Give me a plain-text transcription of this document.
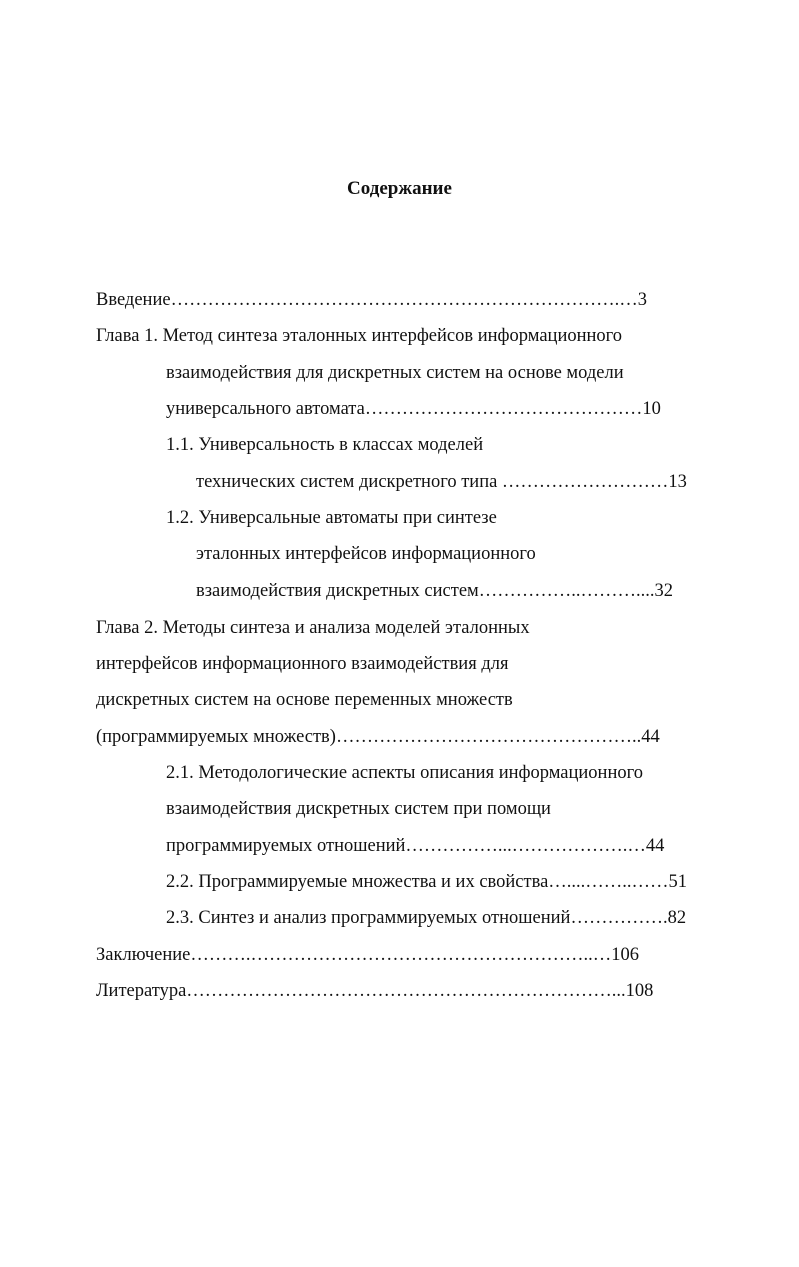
Содержание
Введение……………………………………………………………….…3
Глава 1. Метод синтеза эталонных интерфейсов информационного
взаимодействия для дискретных систем на основе модели
универсального автомата………………………………………10
1.1. Универсальность в классах моделей
технических систем дискретного типа ………………………13
1.2. Универсальные автоматы при синтезе
эталонных интерфейсов информационного
взаимодействия дискретных систем……………..………....32
Глава 2. Методы синтеза и анализа моделей эталонных
интерфейсов информационного взаимодействия для
дискретных систем на основе переменных множеств
(программируемых множеств)…………………………………………..44
2.1. Методологические аспекты описания информационного
взаимодействия дискретных систем при помощи
программируемых отношений……………...……………….…44
2.2. Программируемые множества и их свойства…....……..……51
2.3. Синтез и анализ программируемых отношений…………….82
Заключение……….………………………………………………..…106
Литература……………………………………………………………...108
